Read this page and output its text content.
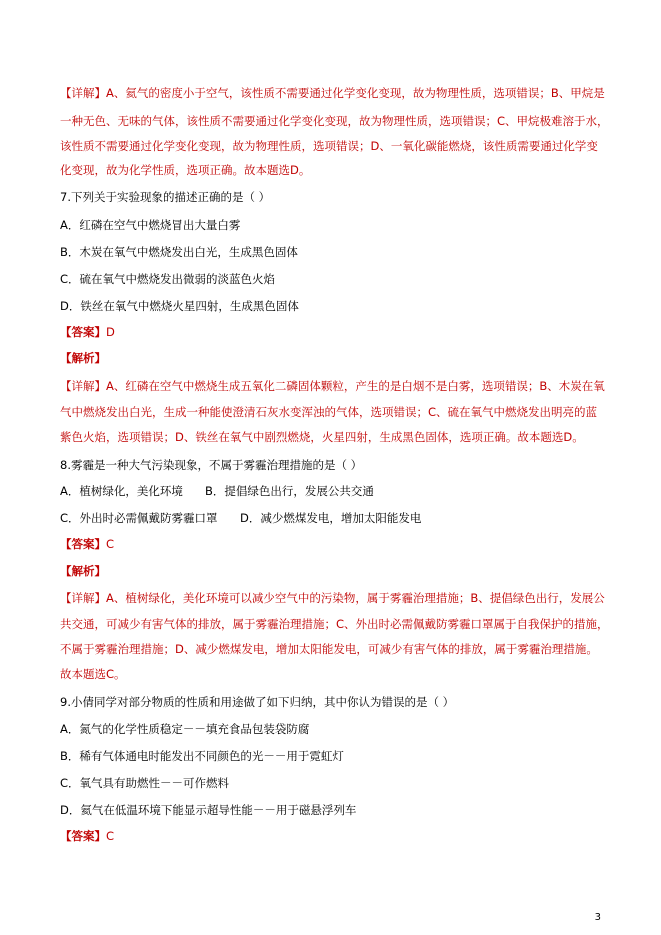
【详解】A、氦气的密度小于空气，该性质不需要通过化学变化变现，故为物理性质，选项错误；B、甲烷是
一种无色、无味的气体，该性质不需要通过化学变化变现，故为物理性质，选项错误；C、甲烷极难溶于水，
该性质不需要通过化学变化变现，故为物理性质，选项错误；D、一氧化碳能燃烧，该性质需要通过化学变
化变现，故为化学性质，选项正确。故本题选D。
7.下列关于实验现象的描述正确的是（ ）
A．红磷在空气中燃烧冒出大量白雾
B．木炭在氧气中燃烧发出白光，生成黑色固体
C．硫在氧气中燃烧发出微弱的淡蓝色火焰
D．铁丝在氧气中燃烧火星四射，生成黑色固体
【答案】D
【解析】
【详解】A、红磷在空气中燃烧生成五氧化二磷固体颗粒，产生的是白烟不是白雾，选项错误；B、木炭在氧
气中燃烧发出白光，生成一种能使澄清石灰水变浑浊的气体，选项错误；C、硫在氧气中燃烧发出明亮的蓝
紫色火焰，选项错误；D、铁丝在氧气中剧烈燃烧，火星四射，生成黑色固体，选项正确。故本题选D。
8.雾霾是一种大气污染现象，不属于雾霾治理措施的是（ ）
A．植树绿化，美化环境 B．提倡绿色出行，发展公共交通
C．外出时必需佩戴防雾霾口罩 D．减少燃煤发电，增加太阳能发电
【答案】C
【解析】
【详解】A、植树绿化，美化环境可以减少空气中的污染物，属于雾霾治理措施；B、提倡绿色出行，发展公
共交通，可减少有害气体的排放，属于雾霾治理措施；C、外出时必需佩戴防雾霾口罩属于自我保护的措施，
不属于雾霾治理措施；D、减少燃煤发电，增加太阳能发电，可减少有害气体的排放，属于雾霾治理措施。
故本题选C。
9.小倩同学对部分物质的性质和用途做了如下归纳，其中你认为错误的是（ ）
A．氮气的化学性质稳定－－填充食品包装袋防腐
B．稀有气体通电时能发出不同颜色的光－－用于霓虹灯
C．氧气具有助燃性－－可作燃料
D．氦气在低温环境下能显示超导性能－－用于磁悬浮列车
【答案】C
3
